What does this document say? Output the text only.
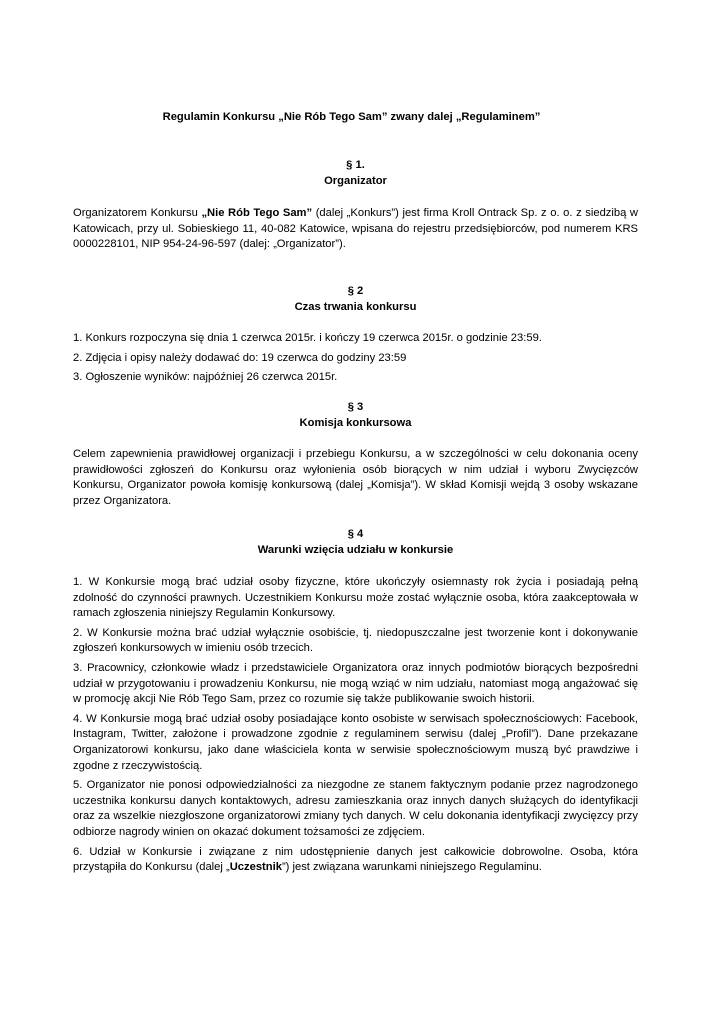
Regulamin Konkursu „Nie Rób Tego Sam” zwany dalej „Regulaminem”
§ 1.
Organizator

Organizatorem Konkursu „Nie Rób Tego Sam” (dalej „Konkurs”) jest firma Kroll Ontrack Sp. z o. o. z siedzibą w Katowicach, przy ul. Sobieskiego 11, 40-082 Katowice, wpisana do rejestru przedsiębiorców, pod numerem KRS 0000228101, NIP 954-24-96-597 (dalej: „Organizator”).

§ 2
Czas trwania konkursu

1. Konkurs rozpoczyna się dnia 1 czerwca 2015r. i kończy 19 czerwca 2015r. o godzinie 23:59.

2. Zdjęcia i opisy należy dodawać do: 19 czerwca do godziny 23:59

3. Ogłoszenie wyników: najpóźniej 26 czerwca 2015r.

§ 3
Komisja konkursowa

Celem zapewnienia prawidłowej organizacji i przebiegu Konkursu, a w szczególności w celu dokonania oceny prawidłowości zgłoszeń do Konkursu oraz wyłonienia osób biorących w nim udział i wyboru Zwycięzców Konkursu, Organizator powoła komisję konkursową (dalej „Komisja”). W skład Komisji wejdą 3 osoby wskazane przez Organizatora.

§ 4
Warunki wzięcia udziału w konkursie

1. W Konkursie mogą brać udział osoby fizyczne, które ukończyły osiemnasty rok życia i posiadają pełną zdolność do czynności prawnych. Uczestnikiem Konkursu może zostać wyłącznie osoba, która zaakceptowała w ramach zgłoszenia niniejszy Regulamin Konkursowy.

2. W Konkursie można brać udział wyłącznie osobiście, tj. niedopuszczalne jest tworzenie kont i dokonywanie zgłoszeń konkursowych w imieniu osób trzecich.

3. Pracownicy, członkowie władz i przedstawiciele Organizatora oraz innych podmiotów biorących bezpośredni udział w przygotowaniu i prowadzeniu Konkursu, nie mogą wziąć w nim udziału, natomiast mogą angażować się w promocję akcji Nie Rób Tego Sam, przez co rozumie się także publikowanie swoich historii.

4. W Konkursie mogą brać udział osoby posiadające konto osobiste w serwisach społecznościowych: Facebook, Instagram, Twitter, założone i prowadzone zgodnie z regulaminem serwisu (dalej „Profil”). Dane przekazane Organizatorowi konkursu, jako dane właściciela konta w serwisie społecznościowym muszą być prawdziwe i zgodne z rzeczywistością.

5. Organizator nie ponosi odpowiedzialności za niezgodne ze stanem faktycznym podanie przez nagrodzonego uczestnika konkursu danych kontaktowych, adresu zamieszkania oraz innych danych służących do identyfikacji oraz za wszelkie niezgłoszone organizatorowi zmiany tych danych. W celu dokonania identyfikacji zwycięzcy przy odbiorze nagrody winien on okazać dokument tożsamości ze zdjęciem.

6. Udział w Konkursie i związane z nim udostępnienie danych jest całkowicie dobrowolne. Osoba, która przystąpiła do Konkursu (dalej „Uczestnik”) jest związana warunkami niniejszego Regulaminu.
